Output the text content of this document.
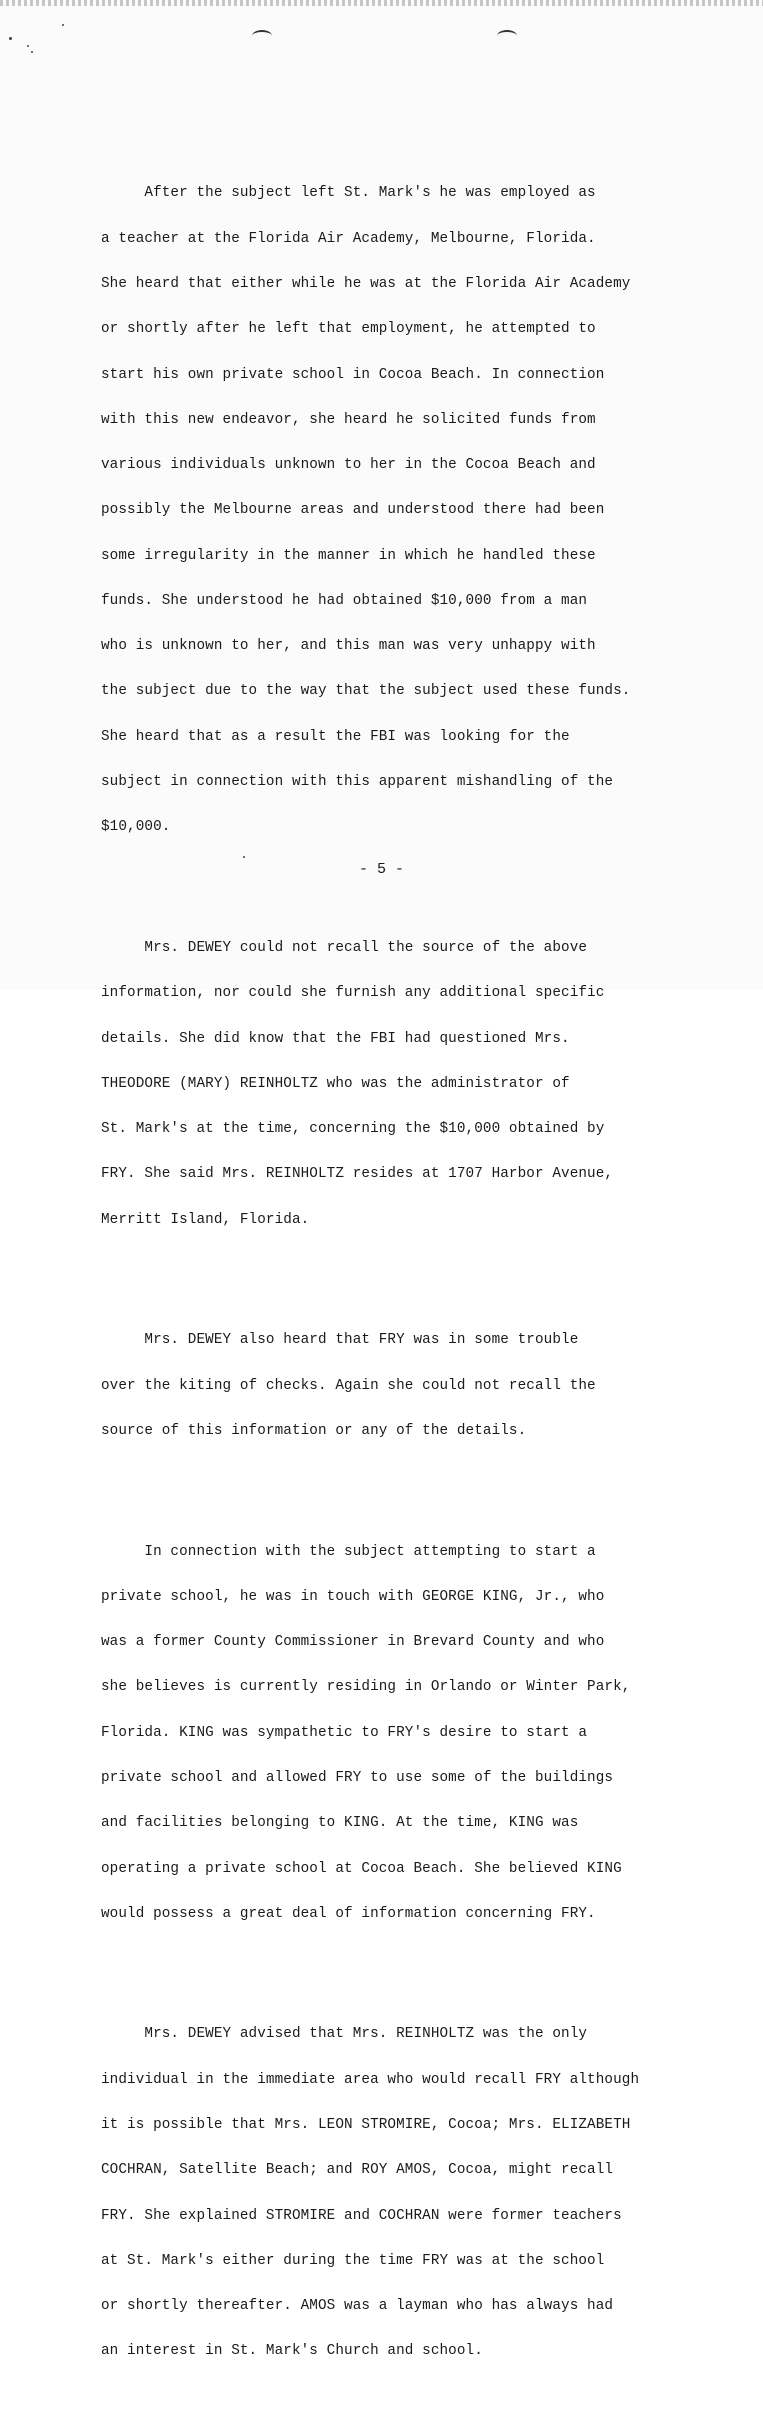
After the subject left St. Mark's he was employed as

a teacher at the Florida Air Academy, Melbourne, Florida.

She heard that either while he was at the Florida Air Academy

or shortly after he left that employment, he attempted to

start his own private school in Cocoa Beach. In connection

with this new endeavor, she heard he solicited funds from

various individuals unknown to her in the Cocoa Beach and

possibly the Melbourne areas and understood there had been

some irregularity in the manner in which he handled these

funds. She understood he had obtained $10,000 from a man

who is unknown to her, and this man was very unhappy with

the subject due to the way that the subject used these funds.

She heard that as a result the FBI was looking for the

subject in connection with this apparent mishandling of the

$10,000.

Mrs. DEWEY could not recall the source of the above

information, nor could she furnish any additional specific

details. She did know that the FBI had questioned Mrs.

THEODORE (MARY) REINHOLTZ who was the administrator of

St. Mark's at the time, concerning the $10,000 obtained by

FRY. She said Mrs. REINHOLTZ resides at 1707 Harbor Avenue,

Merritt Island, Florida.

Mrs. DEWEY also heard that FRY was in some trouble

over the kiting of checks. Again she could not recall the

source of this information or any of the details.

In connection with the subject attempting to start a

private school, he was in touch with GEORGE KING, Jr., who

was a former County Commissioner in Brevard County and who

she believes is currently residing in Orlando or Winter Park,

Florida. KING was sympathetic to FRY's desire to start a

private school and allowed FRY to use some of the buildings

and facilities belonging to KING. At the time, KING was

operating a private school at Cocoa Beach. She believed KING

would possess a great deal of information concerning FRY.

Mrs. DEWEY advised that Mrs. REINHOLTZ was the only

individual in the immediate area who would recall FRY although

it is possible that Mrs. LEON STROMIRE, Cocoa; Mrs. ELIZABETH

COCHRAN, Satellite Beach; and ROY AMOS, Cocoa, might recall

FRY. She explained STROMIRE and COCHRAN were former teachers

at St. Mark's either during the time FRY was at the school

or shortly thereafter. AMOS was a layman who has always had

an interest in St. Mark's Church and school.

- 5 -
